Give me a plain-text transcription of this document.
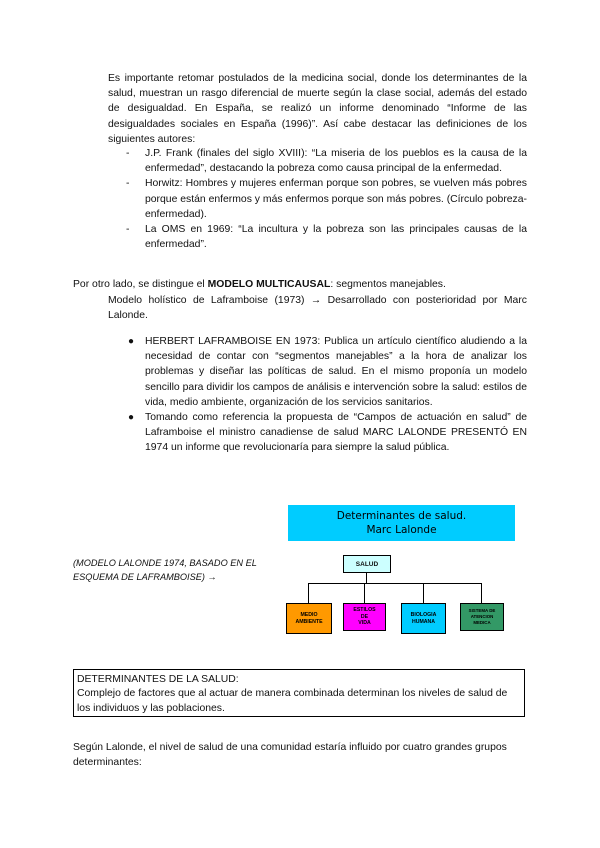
Es importante retomar postulados de la medicina social, donde los determinantes de la salud, muestran un rasgo diferencial de muerte según la clase social, además del estado de desigualdad. En España, se realizó un informe denominado “Informe de las desigualdades sociales en España (1996)”. Así cabe destacar las definiciones de los siguientes autores:

- J.P. Frank (finales del siglo XVIII): “La miseria de los pueblos es la causa de la enfermedad”, destacando la pobreza como causa principal de la enfermedad.
- Horwitz: Hombres y mujeres enferman porque son pobres, se vuelven más pobres porque están enfermos y más enfermos porque son más pobres. (Círculo pobreza-enfermedad).
- La OMS en 1969: “La incultura y la pobreza son las principales causas de la enfermedad”.

Por otro lado, se distingue el MODELO MULTICAUSAL: segmentos manejables.

Modelo holístico de Laframboise (1973) → Desarrollado con posterioridad por Marc Lalonde.

● HERBERT LAFRAMBOISE EN 1973: Publica un artículo científico aludiendo a la necesidad de contar con “segmentos manejables” a la hora de analizar los problemas y diseñar las políticas de salud. En el mismo proponía un modelo sencillo para dividir los campos de análisis e intervención sobre la salud: estilos de vida, medio ambiente, organización de los servicios sanitarios.
● Tomando como referencia la propuesta de “Campos de actuación en salud” de Laframboise el ministro canadiense de salud MARC LALONDE PRESENTÓ EN 1974 un informe que revolucionaría para siempre la salud pública.
Determinantes de salud.
Marc Lalonde
(MODELO LALONDE 1974, BASADO EN EL ESQUEMA DE LAFRAMBOISE) →
SALUD
MEDIO
AMBIENTE
ESTILOS
DE
VIDA
BIOLOGIA
HUMANA
SISTEMA DE
ATENCION
MEDICA

DETERMINANTES DE LA SALUD:

Complejo de factores que al actuar de manera combinada determinan los niveles de salud de los individuos y las poblaciones.

Según Lalonde, el nivel de salud de una comunidad estaría influido por cuatro grandes grupos determinantes:
